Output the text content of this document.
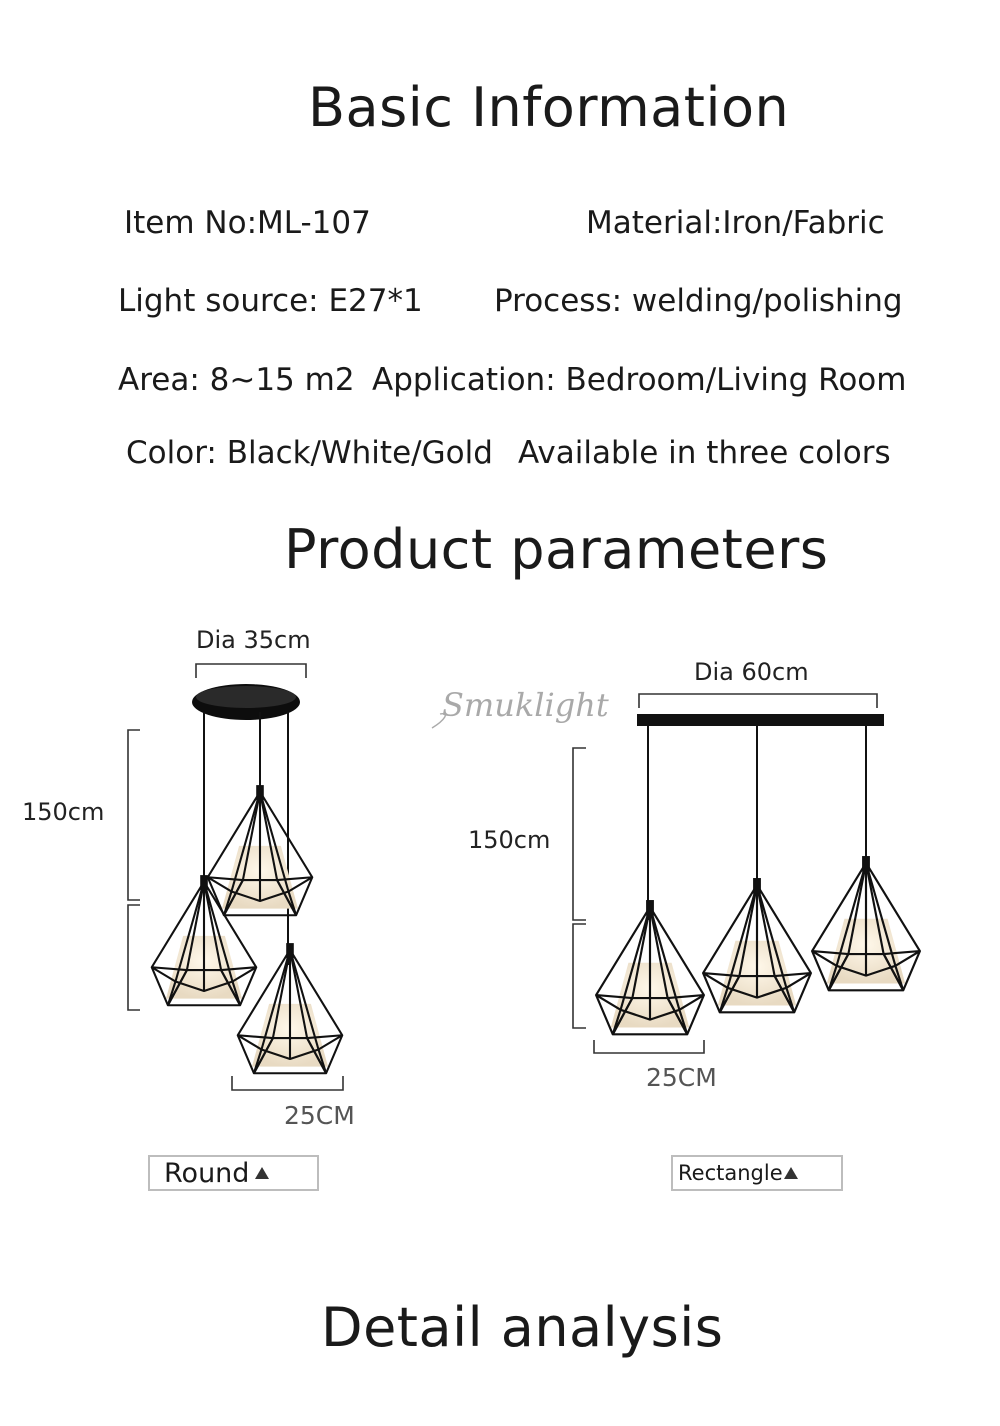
Basic Information
Item No:ML-107	Material:Iron/Fabric
Light source: E27*1 Process: welding/polishing
Area: 8~15 m2 Application: Bedroom/Living Room
Color: Black/White/Gold Available in three colors
Product parameters
Smuklight
Dia 35cm
150cm
25CM
Dia 60cm
150cm
25CM
Round	Rectangle
Detail analysis
